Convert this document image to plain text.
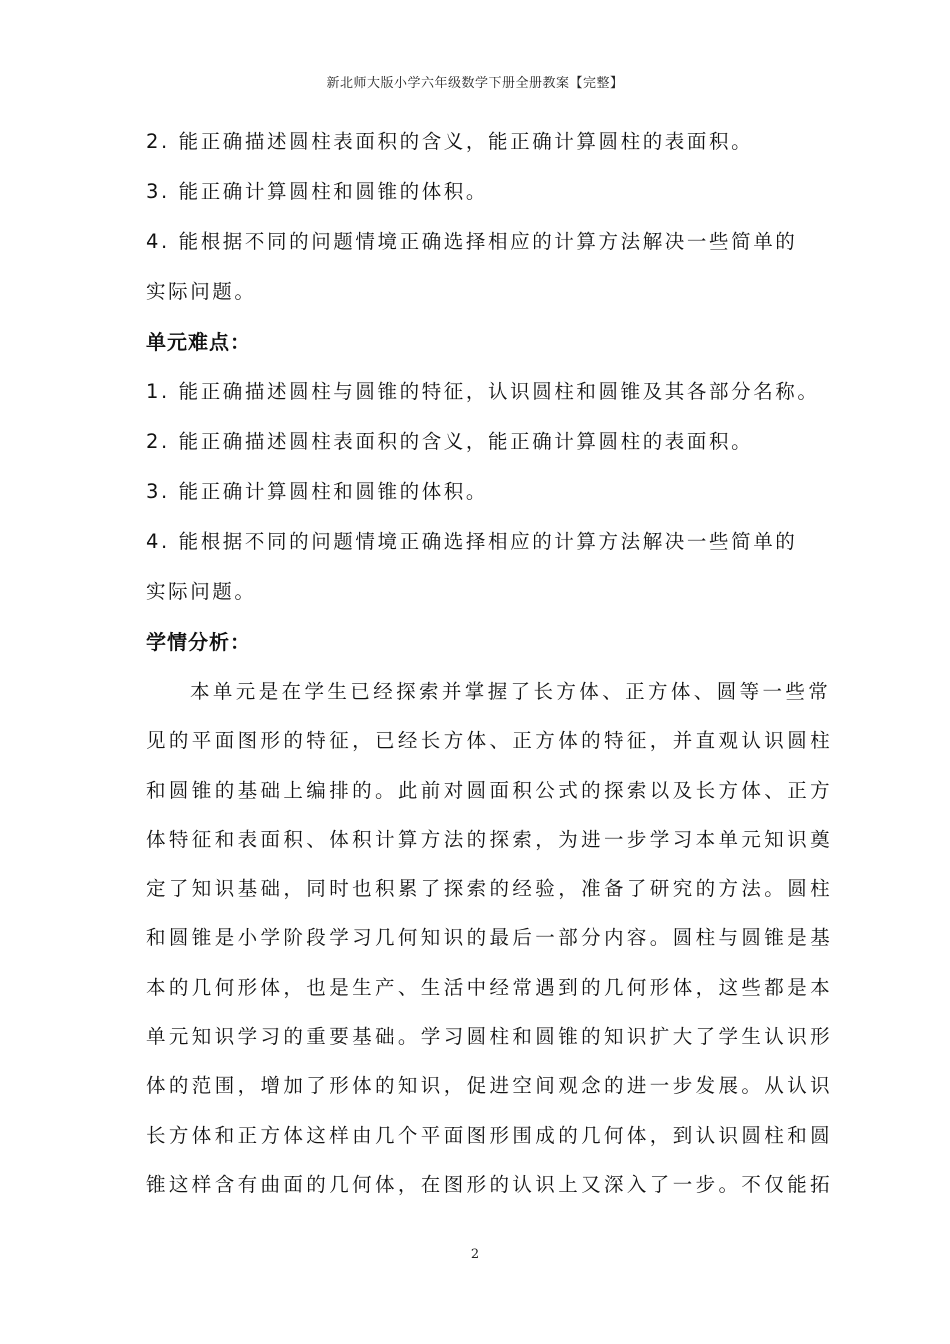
新北师大版小学六年级数学下册全册教案【完整】
2. 能正确描述圆柱表面积的含义，能正确计算圆柱的表面积。
3. 能正确计算圆柱和圆锥的体积。
4. 能根据不同的问题情境正确选择相应的计算方法解决一些简单的
实际问题。
单元难点：
1. 能正确描述圆柱与圆锥的特征，认识圆柱和圆锥及其各部分名称。
2. 能正确描述圆柱表面积的含义，能正确计算圆柱的表面积。
3. 能正确计算圆柱和圆锥的体积。
4. 能根据不同的问题情境正确选择相应的计算方法解决一些简单的
实际问题。
学情分析：
本单元是在学生已经探索并掌握了长方体、正方体、圆等一些常
见的平面图形的特征，已经长方体、正方体的特征，并直观认识圆柱
和圆锥的基础上编排的。此前对圆面积公式的探索以及长方体、正方
体特征和表面积、体积计算方法的探索，为进一步学习本单元知识奠
定了知识基础，同时也积累了探索的经验，准备了研究的方法。圆柱
和圆锥是小学阶段学习几何知识的最后一部分内容。圆柱与圆锥是基
本的几何形体，也是生产、生活中经常遇到的几何形体，这些都是本
单元知识学习的重要基础。学习圆柱和圆锥的知识扩大了学生认识形
体的范围，增加了形体的知识，促进空间观念的进一步发展。从认识
长方体和正方体这样由几个平面图形围成的几何体，到认识圆柱和圆
锥这样含有曲面的几何体，在图形的认识上又深入了一步。不仅能拓
2
